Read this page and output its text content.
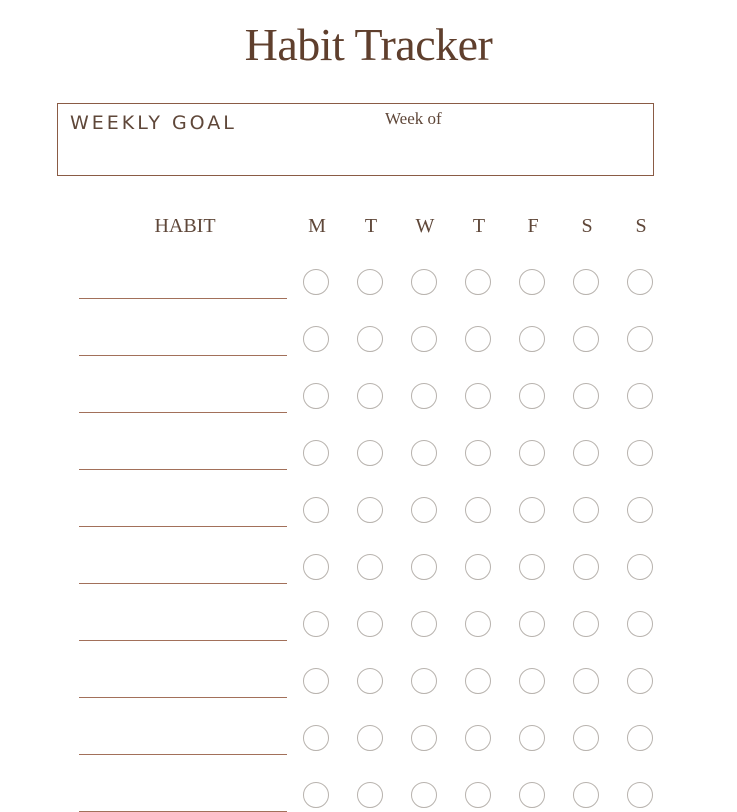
Habit Tracker
WEEKLY GOAL	Week of
HABIT	M	T	W	T	F	S	S
